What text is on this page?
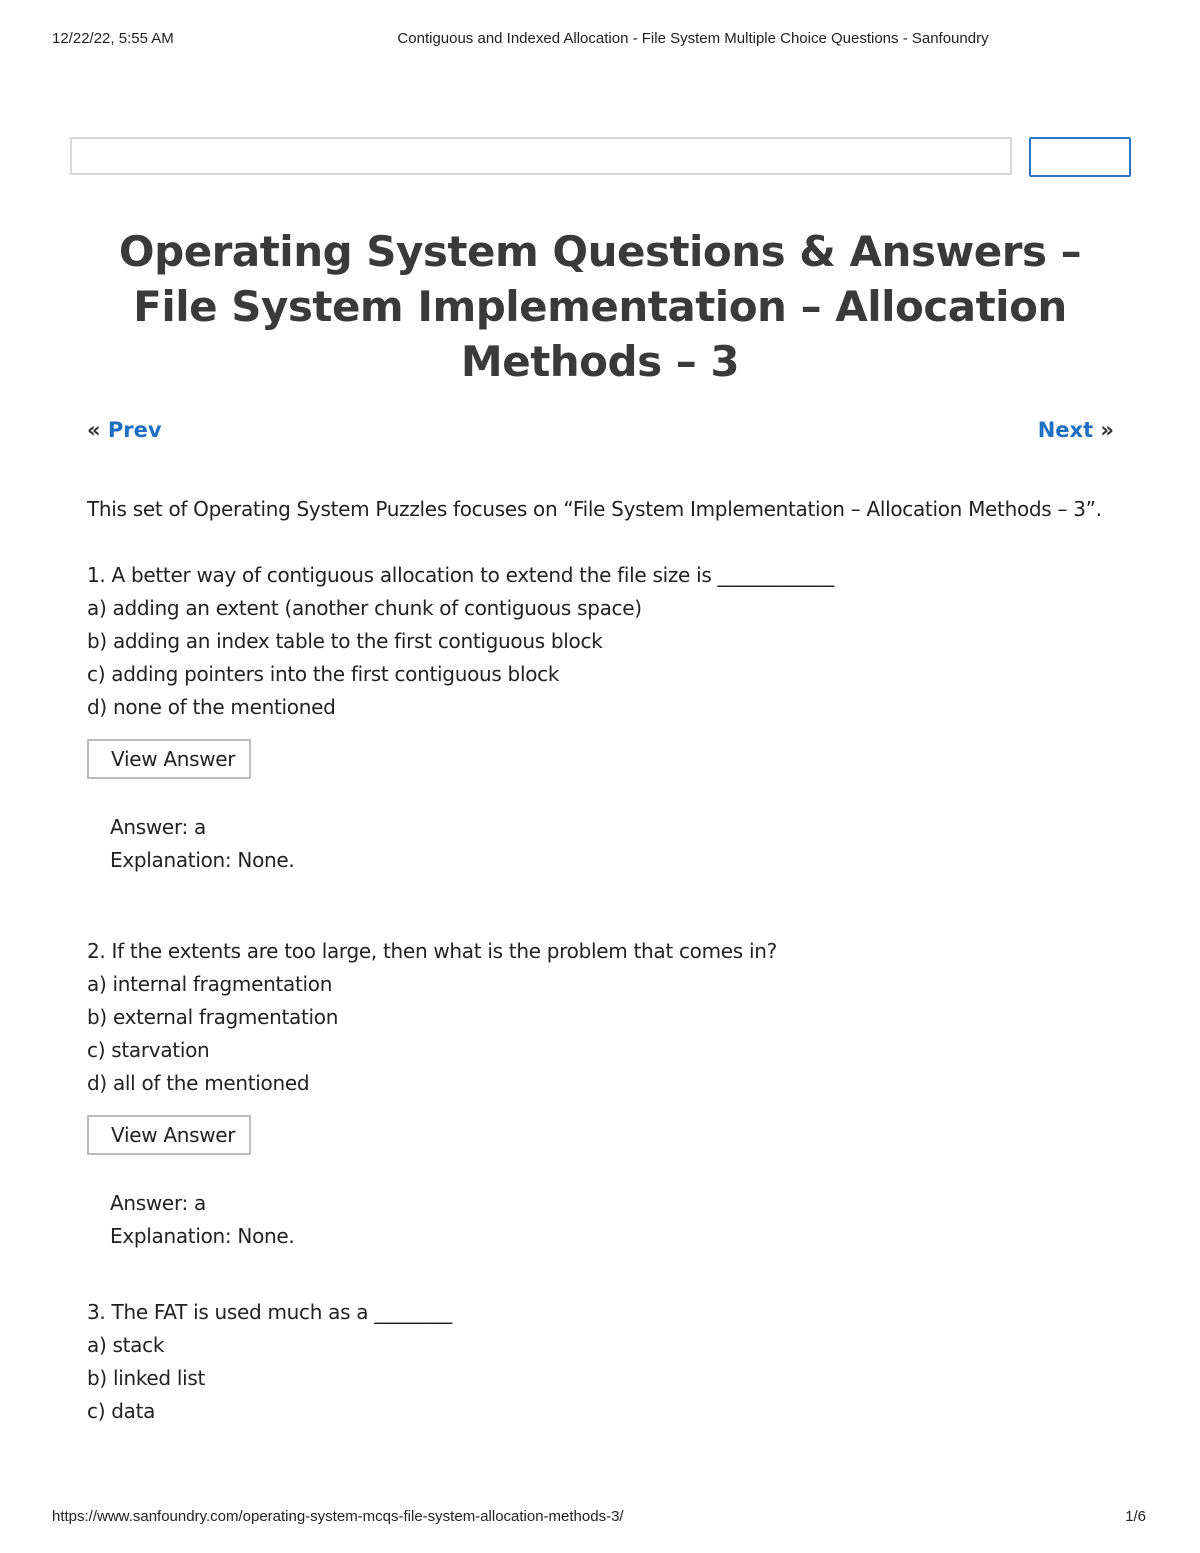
12/22/22, 5:55 AM	Contiguous and Indexed Allocation - File System Multiple Choice Questions - Sanfoundry
Operating System Questions & Answers – File System Implementation – Allocation Methods – 3
« Prev	Next »

This set of Operating System Puzzles focuses on “File System Implementation – Allocation Methods – 3”.

1. A better way of contiguous allocation to extend the file size is ____________
a) adding an extent (another chunk of contiguous space)
b) adding an index table to the first contiguous block
c) adding pointers into the first contiguous block
d) none of the mentioned
View Answer
Answer: a
Explanation: None.
2. If the extents are too large, then what is the problem that comes in?
a) internal fragmentation
b) external fragmentation
c) starvation
d) all of the mentioned
View Answer
Answer: a
Explanation: None.
3. The FAT is used much as a ________
a) stack
b) linked list
c) data
https://www.sanfoundry.com/operating-system-mcqs-file-system-allocation-methods-3/	1/6
